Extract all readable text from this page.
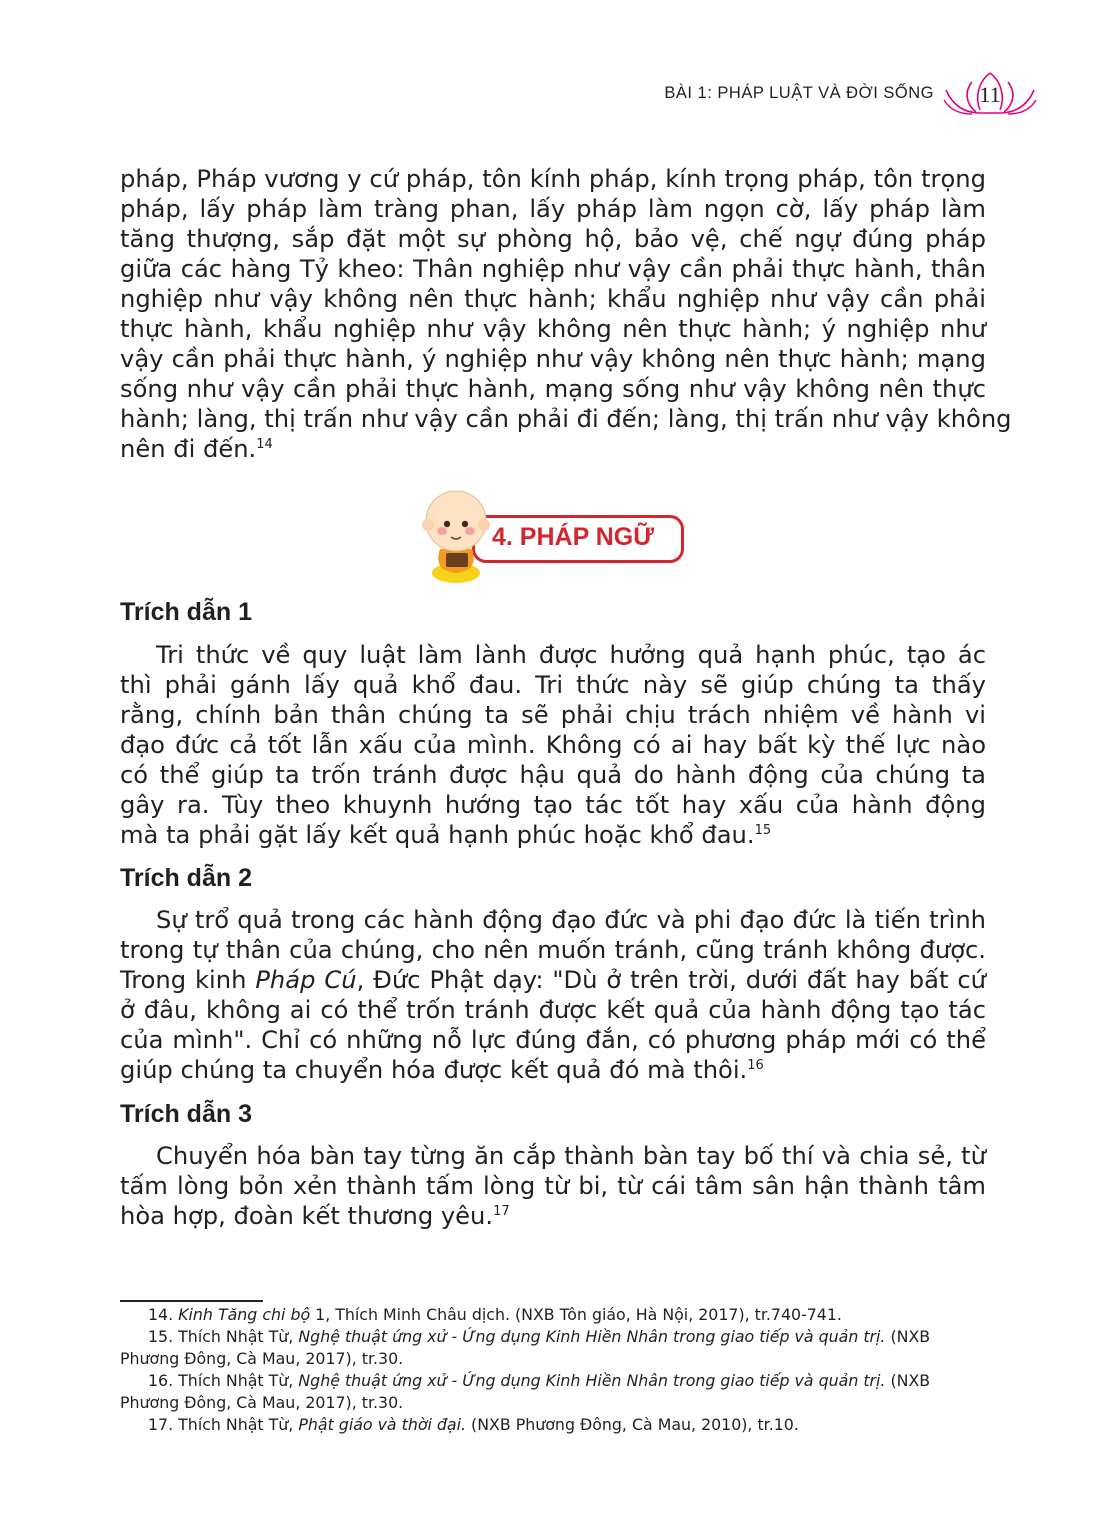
BÀI 1: PHÁP LUẬT VÀ ĐỜI SỐNG	11
pháp, Pháp vương y cứ pháp, tôn kính pháp, kính trọng pháp, tôn trọng
pháp, lấy pháp làm tràng phan, lấy pháp làm ngọn cờ, lấy pháp làm
tăng thượng, sắp đặt một sự phòng hộ, bảo vệ, chế ngự đúng pháp
giữa các hàng Tỷ kheo: Thân nghiệp như vậy cần phải thực hành, thân
nghiệp như vậy không nên thực hành; khẩu nghiệp như vậy cần phải
thực hành, khẩu nghiệp như vậy không nên thực hành; ý nghiệp như
vậy cần phải thực hành, ý nghiệp như vậy không nên thực hành; mạng
sống như vậy cần phải thực hành, mạng sống như vậy không nên thực
hành; làng, thị trấn như vậy cần phải đi đến; làng, thị trấn như vậy không
nên đi đến.$^{14}$
4. PHÁP NGỮ
Trích dẫn 1
Tri thức về quy luật làm lành được hưởng quả hạnh phúc, tạo ác
thì phải gánh lấy quả khổ đau. Tri thức này sẽ giúp chúng ta thấy
rằng, chính bản thân chúng ta sẽ phải chịu trách nhiệm về hành vi
đạo đức cả tốt lẫn xấu của mình. Không có ai hay bất kỳ thế lực nào
có thể giúp ta trốn tránh được hậu quả do hành động của chúng ta
gây ra. Tùy theo khuynh hướng tạo tác tốt hay xấu của hành động
mà ta phải gặt lấy kết quả hạnh phúc hoặc khổ đau.$^{15}$
Trích dẫn 2
Sự trổ quả trong các hành động đạo đức và phi đạo đức là tiến trình
trong tự thân của chúng, cho nên muốn tránh, cũng tránh không được.
Trong kinh Pháp Cú, Đức Phật dạy: "Dù ở trên trời, dưới đất hay bất cứ
ở đâu, không ai có thể trốn tránh được kết quả của hành động tạo tác
của mình". Chỉ có những nỗ lực đúng đắn, có phương pháp mới có thể
giúp chúng ta chuyển hóa được kết quả đó mà thôi.$^{16}$
Trích dẫn 3
Chuyển hóa bàn tay từng ăn cắp thành bàn tay bố thí và chia sẻ, từ
tấm lòng bỏn xẻn thành tấm lòng từ bi, từ cái tâm sân hận thành tâm
hòa hợp, đoàn kết thương yêu.$^{17}$
14. Kinh Tăng chi bộ 1, Thích Minh Châu dịch. (NXB Tôn giáo, Hà Nội, 2017), tr.740-741.
15. Thích Nhật Từ, Nghệ thuật ứng xử - Ứng dụng Kinh Hiền Nhân trong giao tiếp và quản trị. (NXB
Phương Đông, Cà Mau, 2017), tr.30.
16. Thích Nhật Từ, Nghệ thuật ứng xử - Ứng dụng Kinh Hiền Nhân trong giao tiếp và quản trị. (NXB
Phương Đông, Cà Mau, 2017), tr.30.
17. Thích Nhật Từ, Phật giáo và thời đại. (NXB Phương Đông, Cà Mau, 2010), tr.10.
